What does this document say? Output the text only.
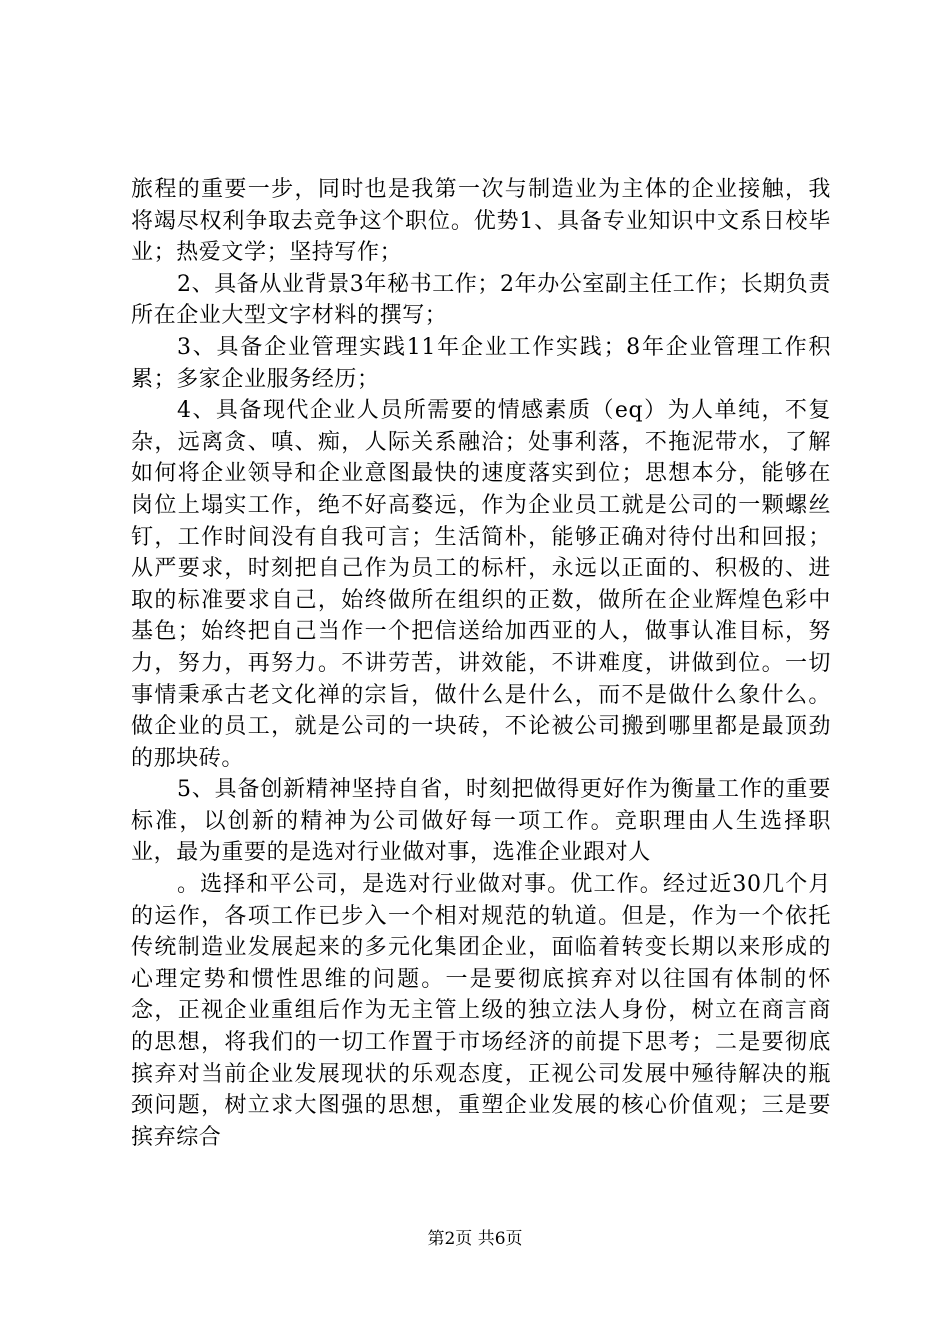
旅程的重要一步，同时也是我第一次与制造业为主体的企业接触，我将竭尽权利争取去竞争这个职位。优势1、具备专业知识中文系日校毕业；热爱文学；坚持写作；

2、具备从业背景3年秘书工作；2年办公室副主任工作；长期负责所在企业大型文字材料的撰写；

3、具备企业管理实践11年企业工作实践；8年企业管理工作积累；多家企业服务经历；

4、具备现代企业人员所需要的情感素质（eq）为人单纯，不复杂，远离贪、嗔、痴，人际关系融洽；处事利落，不拖泥带水，了解如何将企业领导和企业意图最快的速度落实到位；思想本分，能够在岗位上塌实工作，绝不好高婺远，作为企业员工就是公司的一颗螺丝钉，工作时间没有自我可言；生活简朴，能够正确对待付出和回报；从严要求，时刻把自己作为员工的标杆，永远以正面的、积极的、进取的标准要求自己，始终做所在组织的正数，做所在企业辉煌色彩中基色；始终把自己当作一个把信送给加西亚的人，做事认准目标，努力，努力，再努力。不讲劳苦，讲效能，不讲难度，讲做到位。一切事情秉承古老文化禅的宗旨，做什么是什么，而不是做什么象什么。做企业的员工，就是公司的一块砖，不论被公司搬到哪里都是最顶劲的那块砖。

5、具备创新精神坚持自省，时刻把做得更好作为衡量工作的重要标准，以创新的精神为公司做好每一项工作。竞职理由人生选择职业，最为重要的是选对行业做对事，选准企业跟对人

。选择和平公司，是选对行业做对事。优工作。经过近30几个月的运作，各项工作已步入一个相对规范的轨道。但是，作为一个依托传统制造业发展起来的多元化集团企业，面临着转变长期以来形成的心理定势和惯性思维的问题。一是要彻底摈弃对以往国有体制的怀念，正视企业重组后作为无主管上级的独立法人身份，树立在商言商的思想，将我们的一切工作置于市场经济的前提下思考；二是要彻底摈弃对当前企业发展现状的乐观态度，正视公司发展中殛待解决的瓶颈问题，树立求大图强的思想，重塑企业发展的核心价值观；三是要摈弃综合

第2页 共6页
